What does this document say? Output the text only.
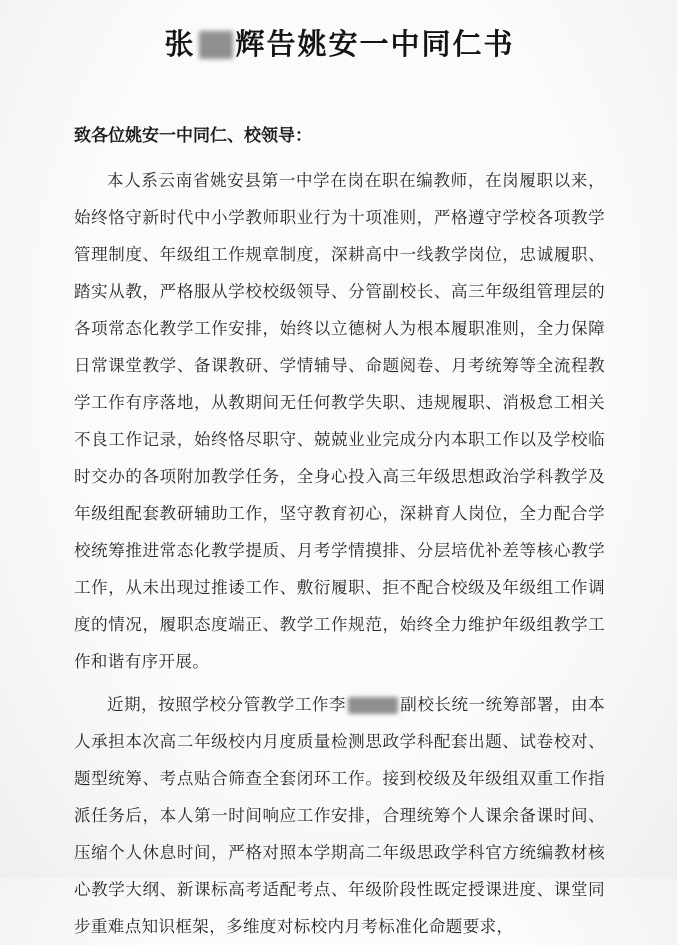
张 辉告姚安一中同仁书

致各位姚安一中同仁、校领导：

本人系云南省姚安县第一中学在岗在职在编教师，在岗履职以来，始终恪守新时代中小学教师职业行为十项准则，严格遵守学校各项教学管理制度、年级组工作规章制度，深耕高中一线教学岗位，忠诚履职、踏实从教，严格服从学校校级领导、分管副校长、高三年级组管理层的各项常态化教学工作安排，始终以立德树人为根本履职准则，全力保障日常课堂教学、备课教研、学情辅导、命题阅卷、月考统筹等全流程教学工作有序落地，从教期间无任何教学失职、违规履职、消极怠工相关不良工作记录，始终恪尽职守、兢兢业业完成分内本职工作以及学校临时交办的各项附加教学任务，全身心投入高三年级思想政治学科教学及年级组配套教研辅助工作，坚守教育初心，深耕育人岗位，全力配合学校统筹推进常态化教学提质、月考学情摸排、分层培优补差等核心教学工作，从未出现过推诿工作、敷衍履职、拒不配合校级及年级组工作调度的情况，履职态度端正、教学工作规范，始终全力维护年级组教学工作和谐有序开展。

近期，按照学校分管教学工作李	副校长统一统筹部署，由本人承担本次高二年级校内月度质量检测思政学科配套出题、试卷校对、题型统筹、考点贴合筛查全套闭环工作。接到校级及年级组双重工作指派任务后，本人第一时间响应工作安排，合理统筹个人课余备课时间、压缩个人休息时间，严格对照本学期高二年级思政学科官方统编教材核心教学大纲、新课标高考适配考点、年级阶段性既定授课进度、课堂同步重难点知识框架，多维度对标校内月考标准化命题要求，
